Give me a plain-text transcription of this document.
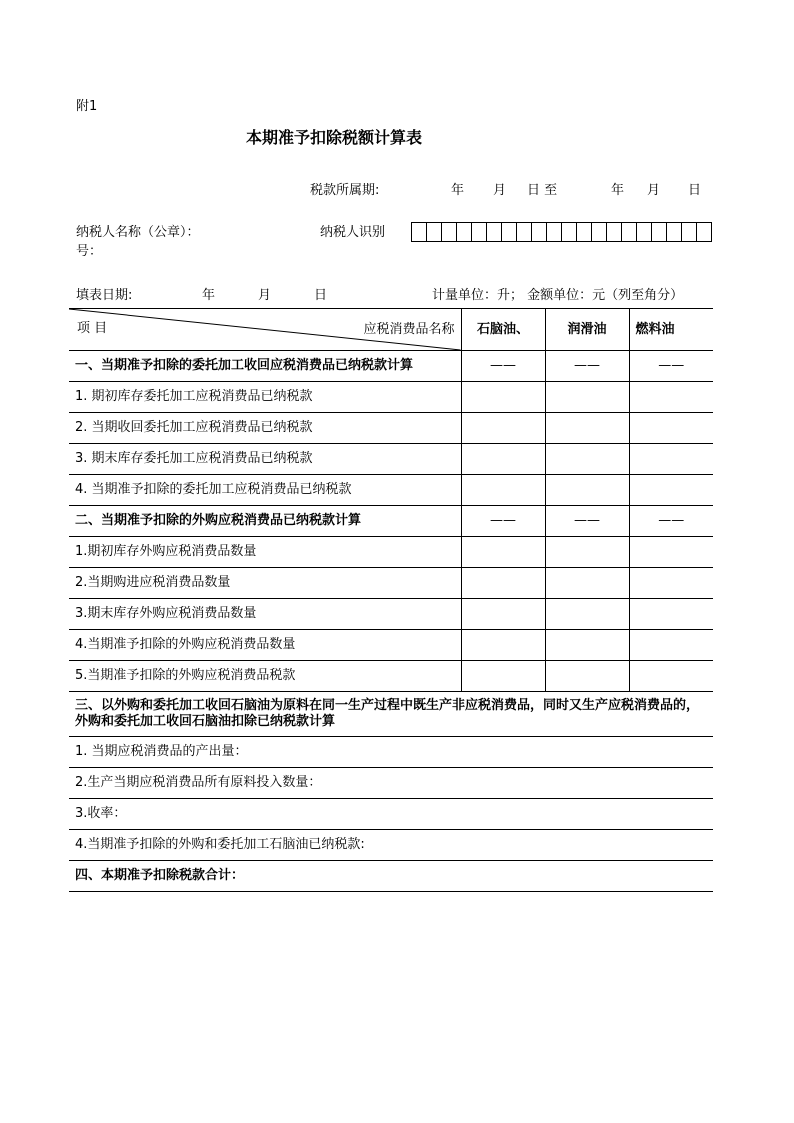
附1
本期准予扣除税额计算表
税款所属期:	年 月 日 至	年 月 日
纳税人名称（公章）：
号：
纳税人识别
填表日期:	年	月	日	计量单位：升； 金额单位：元（列至角分）
项 目 应税消费品名称	石脑油、	润滑油	燃料油
一、当期准予扣除的委托加工收回应税消费品已纳税款计算	——	——	——
1. 期初库存委托加工应税消费品已纳税款			
2. 当期收回委托加工应税消费品已纳税款			
3. 期末库存委托加工应税消费品已纳税款			
4. 当期准予扣除的委托加工应税消费品已纳税款			
二、当期准予扣除的外购应税消费品已纳税款计算	——	——	——
1.期初库存外购应税消费品数量			
2.当期购进应税消费品数量			
3.期末库存外购应税消费品数量			
4.当期准予扣除的外购应税消费品数量			
5.当期准予扣除的外购应税消费品税款			
三、以外购和委托加工收回石脑油为原料在同一生产过程中既生产非应税消费品，同时又生产应税消费品的，外购和委托加工收回石脑油扣除已纳税款计算			
1. 当期应税消费品的产出量：			
2.生产当期应税消费品所有原料投入数量：			
3.收率：			
4.当期准予扣除的外购和委托加工石脑油已纳税款:			
四、本期准予扣除税款合计：			
